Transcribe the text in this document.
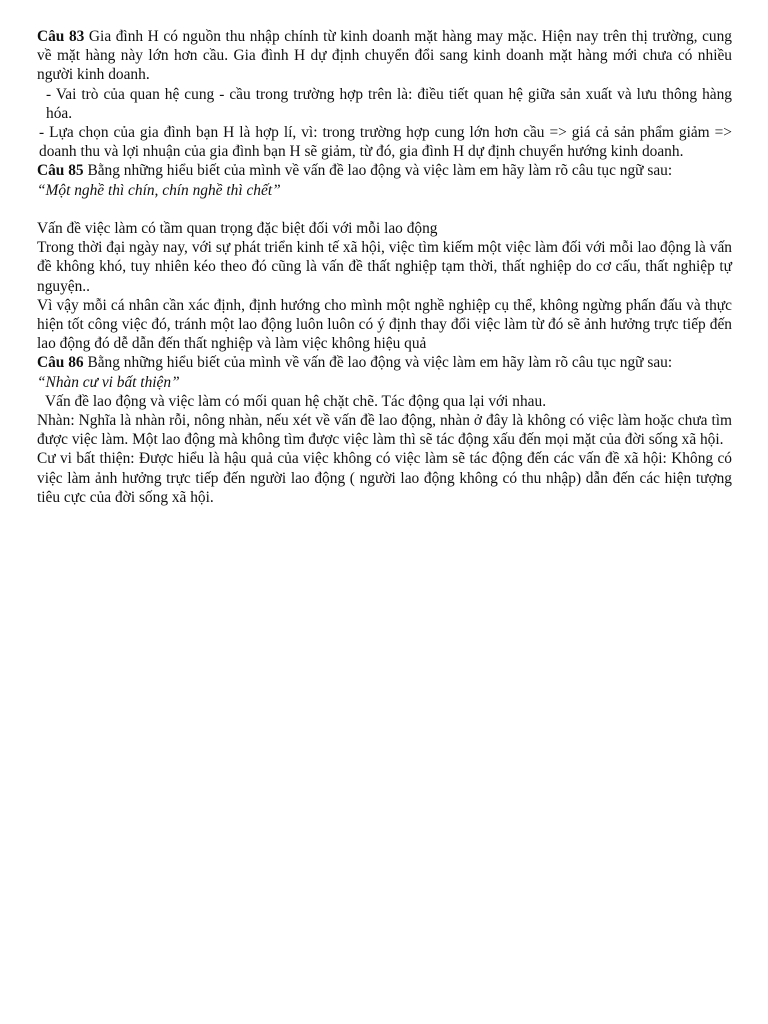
Câu 83 Gia đình H có nguồn thu nhập chính từ kinh doanh mặt hàng may mặc. Hiện nay trên thị trường, cung về mặt hàng này lớn hơn cầu. Gia đình H dự định chuyển đổi sang kinh doanh mặt hàng mới chưa có nhiều người kinh doanh.

- Vai trò của quan hệ cung - cầu trong trường hợp trên là: điều tiết quan hệ giữa sản xuất và lưu thông hàng hóa.

- Lựa chọn của gia đình bạn H là hợp lí, vì: trong trường hợp cung lớn hơn cầu => giá cả sản phẩm giảm => doanh thu và lợi nhuận của gia đình bạn H sẽ giảm, từ đó, gia đình H dự định chuyển hướng kinh doanh.

Câu 85 Bằng những hiểu biết của mình về vấn đề lao động và việc làm em hãy làm rõ câu tục ngữ sau:

“Một nghề thì chín, chín nghề thì chết”

Vấn đề việc làm có tầm quan trọng đặc biệt đối với mỗi lao động

Trong thời đại ngày nay, với sự phát triển kinh tế xã hội, việc tìm kiếm một việc làm đối với mỗi lao động là vấn đề không khó, tuy nhiên kéo theo đó cũng là vấn đề thất nghiệp tạm thời, thất nghiệp do cơ cấu, thất nghiệp tự nguyện..

Vì vậy mỗi cá nhân cần xác định, định hướng cho mình một nghề nghiệp cụ thể, không ngừng phấn đấu và thực hiện tốt công việc đó, tránh một lao động luôn luôn có ý định thay đổi việc làm từ đó sẽ ảnh hưởng trực tiếp đến lao động đó dễ dẫn đến thất nghiệp và làm việc không hiệu quả

Câu 86 Bằng những hiểu biết của mình về vấn đề lao động và việc làm em hãy làm rõ câu tục ngữ sau:

“Nhàn cư vi bất thiện”

Vấn đề lao động và việc làm có mối quan hệ chặt chẽ. Tác động qua lại với nhau.

Nhàn: Nghĩa là nhàn rỗi, nông nhàn, nếu xét về vấn đề lao động, nhàn ở đây là không có việc làm hoặc chưa tìm được việc làm. Một lao động mà không tìm được việc làm thì sẽ tác động xấu đến mọi mặt của đời sống xã hội.

Cư vi bất thiện: Được hiểu là hậu quả của việc không có việc làm sẽ tác động đến các vấn đề xã hội: Không có việc làm ảnh hưởng trực tiếp đến người lao động ( người lao động không có thu nhập) dẫn đến các hiện tượng tiêu cực của đời sống xã hội.
